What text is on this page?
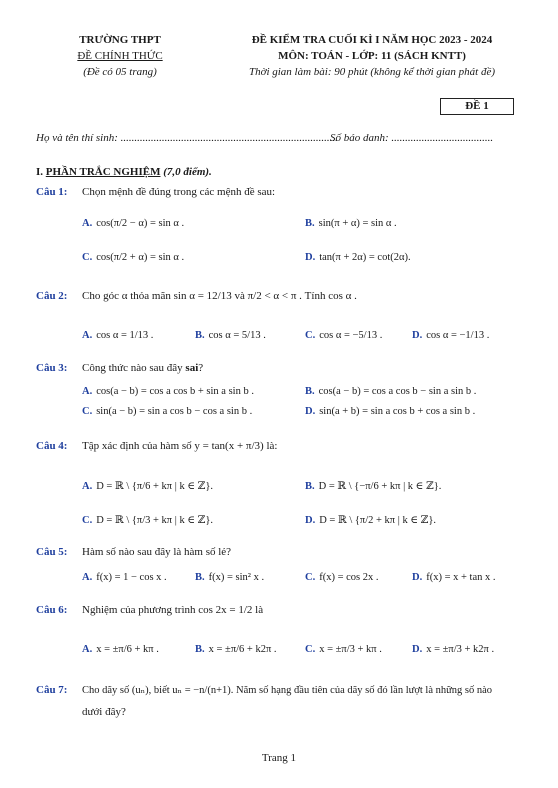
TRƯỜNG THPT
ĐỀ CHÍNH THỨC
(Đề có 05 trang)
ĐỀ KIỂM TRA CUỐI KÌ I NĂM HỌC 2023 - 2024
MÔN: TOÁN - LỚP: 11 (SÁCH KNTT)
Thời gian làm bài: 90 phút (không kể thời gian phát đề)
ĐỀ 1
Họ và tên thí sinh: ...............................................................................
Số báo danh: .....................................
I. PHẦN TRẮC NGHIỆM (7,0 điểm).
Câu 1: Chọn mệnh đề đúng trong các mệnh đề sau:
A. cos(π/2 − α) = sin α .	B. sin(π + α) = sin α .
C. cos(π/2 + α) = sin α .	D. tan(π + 2α) = cot(2α).
Câu 2: Cho góc α thỏa mãn sin α = 12/13 và π/2 < α < π . Tính cos α .
A. cos α = 1/13 .	B. cos α = 5/13 .	C. cos α = −5/13 .	D. cos α = −1/13 .
Câu 3: Công thức nào sau đây sai?
A. cos(a − b) = cos a cos b + sin a sin b .	B. cos(a − b) = cos a cos b − sin a sin b .
C. sin(a − b) = sin a cos b − cos a sin b .	D. sin(a + b) = sin a cos b + cos a sin b .
Câu 4: Tập xác định của hàm số y = tan(x + π/3) là:
A. D = ℝ \ {π/6 + kπ | k ∈ ℤ}.	B. D = ℝ \ {−π/6 + kπ | k ∈ ℤ}.
C. D = ℝ \ {π/3 + kπ | k ∈ ℤ}.	D. D = ℝ \ {π/2 + kπ | k ∈ ℤ}.
Câu 5: Hàm số nào sau đây là hàm số lẻ?
A. f(x) = 1 − cos x .	B. f(x) = sin² x .	C. f(x) = cos 2x .	D. f(x) = x + tan x .
Câu 6: Nghiệm của phương trình cos 2x = 1/2 là
A. x = ±π/6 + kπ .	B. x = ±π/6 + k2π .	C. x = ±π/3 + kπ .	D. x = ±π/3 + k2π .
Câu 7: Cho dãy số (uₙ), biết uₙ = −n/(n+1). Năm số hạng đầu tiên của dãy số đó lần lượt là những số nào
dưới đây?
Trang 1
